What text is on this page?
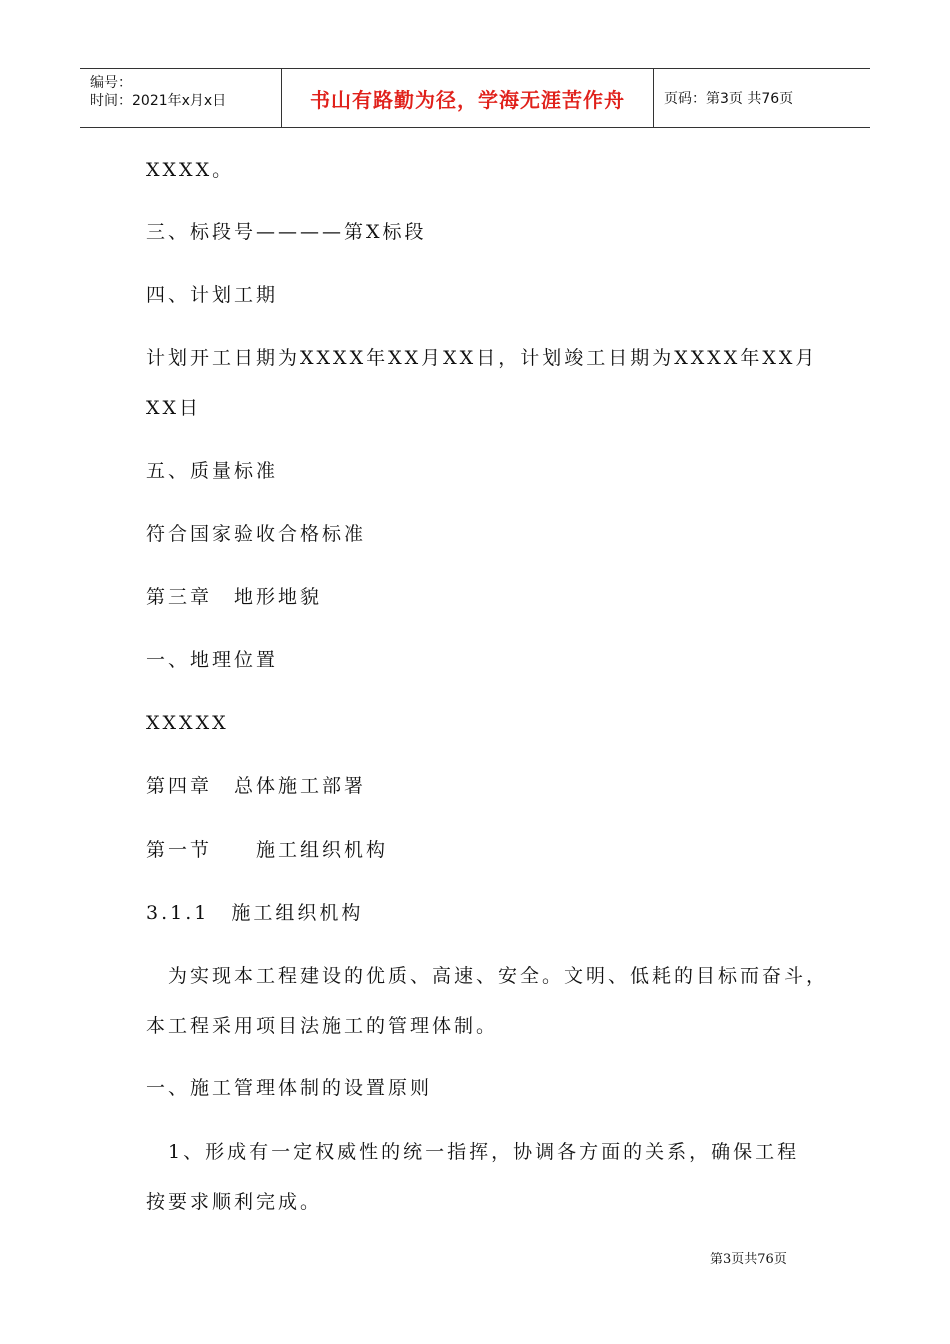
编号：
时间：2021年x月x日	书山有路勤为径，学海无涯苦作舟	页码：第3页 共76页
XXXX。
三、标段号————第X标段
四、计划工期
计划开工日期为XXXX年XX月XX日，计划竣工日期为XXXX年XX月
XX日
五、质量标准
符合国家验收合格标准
第三章　地形地貌
一、地理位置
XXXXX
第四章　总体施工部署
第一节　　施工组织机构
3.1.1　施工组织机构
　为实现本工程建设的优质、高速、安全。文明、低耗的目标而奋斗，
本工程采用项目法施工的管理体制。
一、施工管理体制的设置原则
　1、形成有一定权威性的统一指挥，协调各方面的关系，确保工程
按要求顺利完成。
第3页共76页
